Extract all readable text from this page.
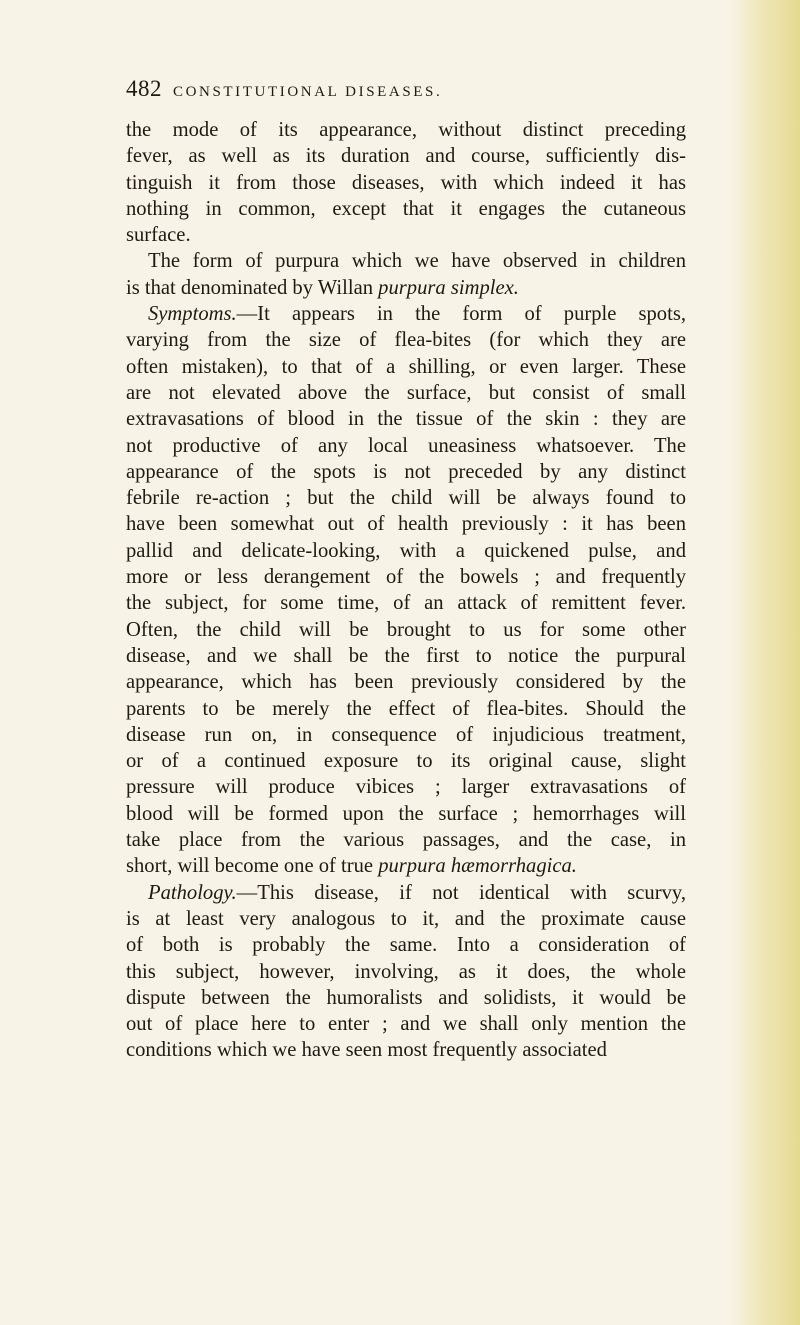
482 CONSTITUTIONAL DISEASES.
the mode of its appearance, without distinct preceding
fever, as well as its duration and course, sufficiently dis-
tinguish it from those diseases, with which indeed it has
nothing in common, except that it engages the cutaneous
surface.
The form of purpura which we have observed in children
is that denominated by Willan purpura simplex.
Symptoms.—It appears in the form of purple spots,
varying from the size of flea-bites (for which they are
often mistaken), to that of a shilling, or even larger. These
are not elevated above the surface, but consist of small
extravasations of blood in the tissue of the skin : they are
not productive of any local uneasiness whatsoever. The
appearance of the spots is not preceded by any distinct
febrile re-action ; but the child will be always found to
have been somewhat out of health previously : it has been
pallid and delicate-looking, with a quickened pulse, and
more or less derangement of the bowels ; and frequently
the subject, for some time, of an attack of remittent fever.
Often, the child will be brought to us for some other
disease, and we shall be the first to notice the purpural
appearance, which has been previously considered by the
parents to be merely the effect of flea-bites. Should the
disease run on, in consequence of injudicious treatment,
or of a continued exposure to its original cause, slight
pressure will produce vibices ; larger extravasations of
blood will be formed upon the surface ; hemorrhages will
take place from the various passages, and the case, in
short, will become one of true purpura hæmorrhagica.
Pathology.—This disease, if not identical with scurvy,
is at least very analogous to it, and the proximate cause
of both is probably the same. Into a consideration of
this subject, however, involving, as it does, the whole
dispute between the humoralists and solidists, it would be
out of place here to enter ; and we shall only mention the
conditions which we have seen most frequently associated
